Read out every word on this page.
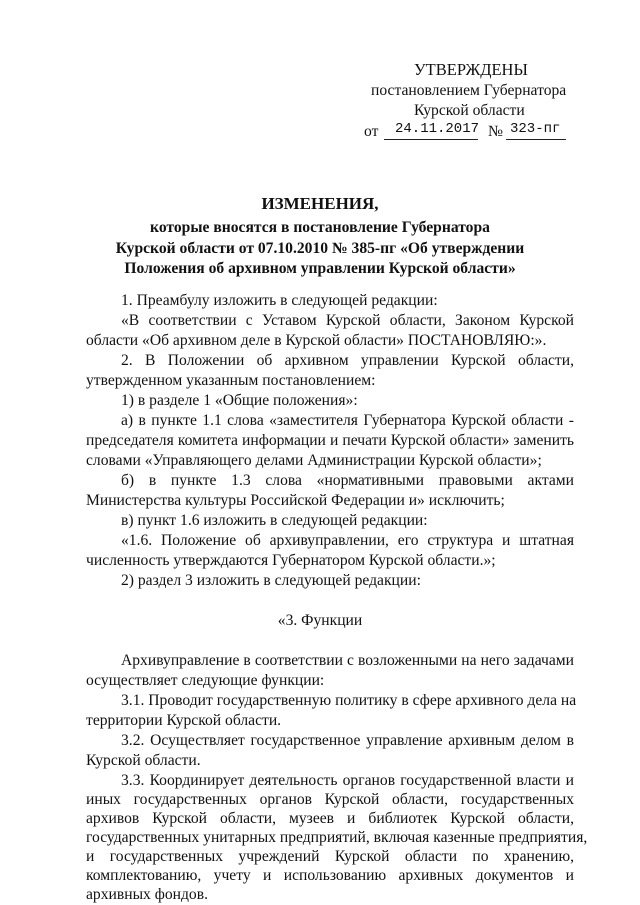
УТВЕРЖДЕНЫ
постановлением Губернатора
Курской области
от 24.11.2017 № 323-пг
ИЗМЕНЕНИЯ,
которые вносятся в постановление Губернатора
Курской области от 07.10.2010 № 385-пг «Об утверждении
Положения об архивном управлении Курской области»
1. Преамбулу изложить в следующей редакции:
«В соответствии с Уставом Курской области, Законом Курской
области «Об архивном деле в Курской области» ПОСТАНОВЛЯЮ:».
2. В Положении об архивном управлении Курской области,
утвержденном указанным постановлением:
1) в разделе 1 «Общие положения»:
а) в пункте 1.1 слова «заместителя Губернатора Курской области -
председателя комитета информации и печати Курской области» заменить
словами «Управляющего делами Администрации Курской области»;
б) в пункте 1.3 слова «нормативными правовыми актами
Министерства культуры Российской Федерации и» исключить;
в) пункт 1.6 изложить в следующей редакции:
«1.6. Положение об архивуправлении, его структура и штатная
численность утверждаются Губернатором Курской области.»;
2) раздел 3 изложить в следующей редакции:
«3. Функции
Архивуправление в соответствии с возложенными на него задачами
осуществляет следующие функции:
3.1. Проводит государственную политику в сфере архивного дела на
территории Курской области.
3.2. Осуществляет государственное управление архивным делом в
Курской области.
3.3. Координирует деятельность органов государственной власти и
иных государственных органов Курской области, государственных
архивов Курской области, музеев и библиотек Курской области,
государственных унитарных предприятий, включая казенные предприятия,
и государственных учреждений Курской области по хранению,
комплектованию, учету и использованию архивных документов и
архивных фондов.
